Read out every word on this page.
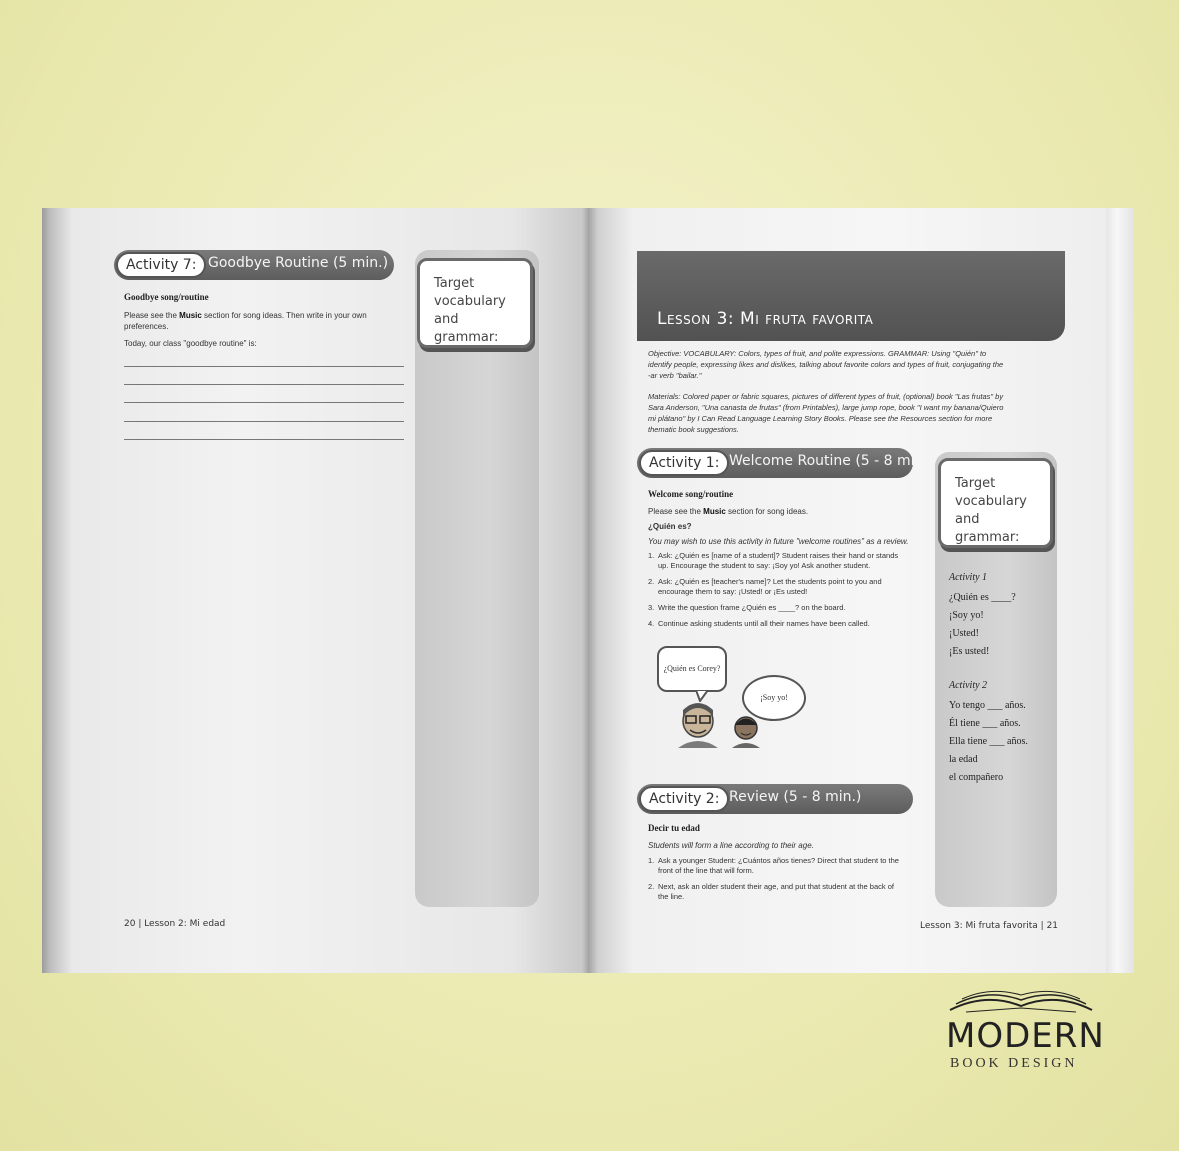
Activity 7: Goodbye Routine (5 min.)
Goodbye song/routine
Please see the Music section for song ideas. Then write in your own
preferences.
Today, our class "goodbye routine" is:
Target
vocabulary
and grammar:
20 | Lesson 2: Mi edad
Lesson 3: Mi fruta favorita
Objective: VOCABULARY: Colors, types of fruit, and polite expressions. GRAMMAR: Using "Quién" to
identify people, expressing likes and dislikes, talking about favorite colors and types of fruit, conjugating the
-ar verb "bailar."
Materials: Colored paper or fabric squares, pictures of different types of fruit, (optional) book "Las frutas" by
Sara Anderson, "Una canasta de frutas" (from Printables), large jump rope, book "I want my banana/Quiero
mi plátano" by I Can Read Language Learning Story Books. Please see the Resources section for more
thematic book suggestions.
Activity 1: Welcome Routine (5 - 8 min.)
Welcome song/routine
Please see the Music section for song ideas.
¿Quién es?
You may wish to use this activity in future "welcome routines" as a review.
1. Ask: ¿Quién es [name of a student]? Student raises their hand or stands
up. Encourage the student to say: ¡Soy yo! Ask another student.
2. Ask: ¿Quién es [teacher's name]? Let the students point to you and
encourage them to say: ¡Usted! or ¡Es usted!
3. Write the question frame ¿Quién es ____? on the board.
4. Continue asking students until all their names have been called.
¿Quién es Corey?
¡Soy yo!
Activity 2: Review (5 - 8 min.)
Decir tu edad
Students will form a line according to their age.
1. Ask a younger Student: ¿Cuántos años tienes? Direct that student to the
front of the line that will form.
2. Next, ask an older student their age, and put that student at the back of
the line.
Target
vocabulary
and grammar:
Activity 1
¿Quién es ____?
¡Soy yo!
¡Usted!
¡Es usted!
Activity 2
Yo tengo ___ años.
Él tiene ___ años.
Ella tiene ___ años.
la edad
el compañero
Lesson 3: Mi fruta favorita | 21
MODERN
BOOK DESIGN
